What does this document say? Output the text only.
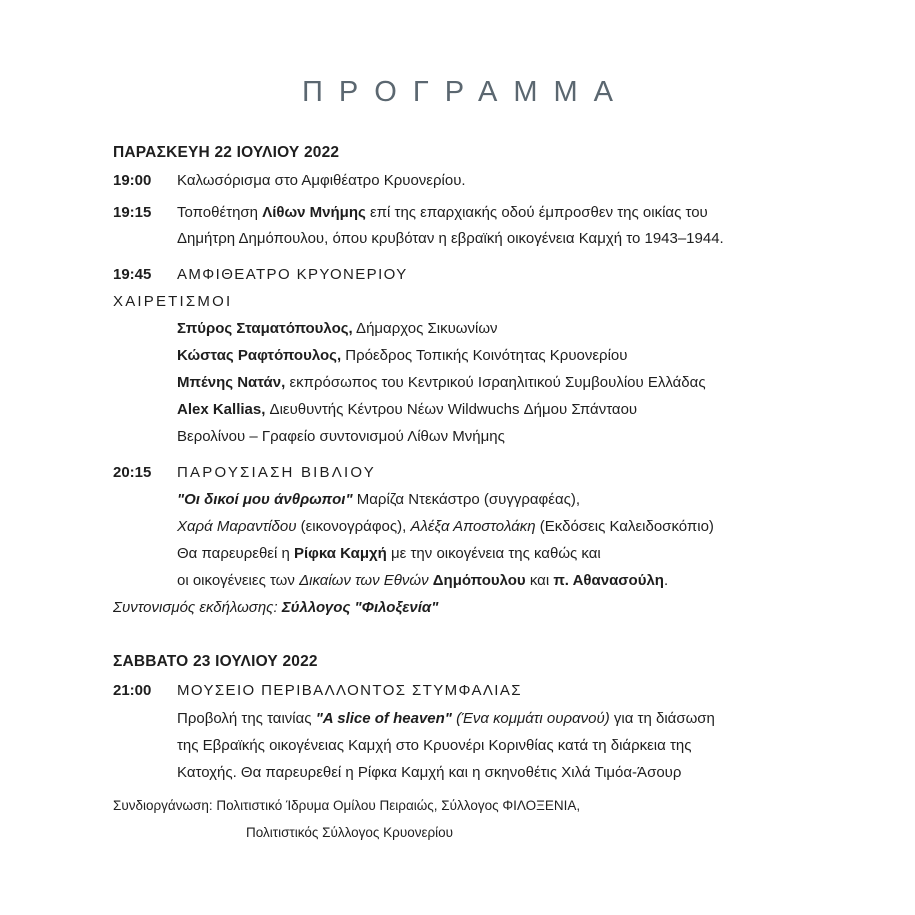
ΠΡΟΓΡΑΜΜΑ
ΠΑΡΑΣΚΕΥΗ 22 ΙΟΥΛΙΟΥ 2022
19:00 Καλωσόρισμα στο Αμφιθέατρο Κρυονερίου.
19:15 Τοποθέτηση Λίθων Μνήμης επί της επαρχιακής οδού έμπροσθεν της οικίας του
Δημήτρη Δημόπουλου, όπου κρυβόταν η εβραϊκή οικογένεια Καμχή το 1943–1944.
19:45 ΑΜΦΙΘΕΑΤΡΟ ΚΡΥΟΝΕΡΙΟΥ
ΧΑΙΡΕΤΙΣΜΟΙ
Σπύρος Σταματόπουλος, Δήμαρχος Σικυωνίων
Κώστας Ραφτόπουλος, Πρόεδρος Τοπικής Κοινότητας Κρυονερίου
Μπένης Νατάν, εκπρόσωπος του Κεντρικού Ισραηλιτικού Συμβουλίου Ελλάδας
Alex Kallias, Διευθυντής Κέντρου Νέων Wildwuchs Δήμου Σπάνταου
Βερολίνου – Γραφείο συντονισμού Λίθων Μνήμης
20:15 ΠΑΡΟΥΣΙΑΣΗ ΒΙΒΛΙΟΥ
"Οι δικοί μου άνθρωποι" Μαρίζα Ντεκάστρο (συγγραφέας),
Χαρά Μαραντίδου (εικονογράφος), Αλέξα Αποστολάκη (Εκδόσεις Καλειδοσκόπιο)
Θα παρευρεθεί η Ρίφκα Καμχή με την οικογένεια της καθώς και
οι οικογένειες των Δικαίων των Εθνών Δημόπουλου και π. Αθανασούλη.
Συντονισμός εκδήλωσης: Σύλλογος "Φιλοξενία"
ΣΑΒΒΑΤΟ 23 ΙΟΥΛΙΟΥ 2022
21:00 ΜΟΥΣΕΙΟ ΠΕΡΙΒΑΛΛΟΝΤΟΣ ΣΤΥΜΦΑΛΙΑΣ
Προβολή της ταινίας "A slice of heaven" (Ένα κομμάτι ουρανού) για τη διάσωση
της Εβραϊκής οικογένειας Καμχή στο Κρυονέρι Κορινθίας κατά τη διάρκεια της
Κατοχής. Θα παρευρεθεί η Ρίφκα Καμχή και η σκηνοθέτις Χιλά Τιμόα-Άσουρ
Συνδιοργάνωση: Πολιτιστικό Ίδρυμα Ομίλου Πειραιώς, Σύλλογος ΦΙΛΟΞΕΝΙΑ,
Πολιτιστικός Σύλλογος Κρυονερίου
